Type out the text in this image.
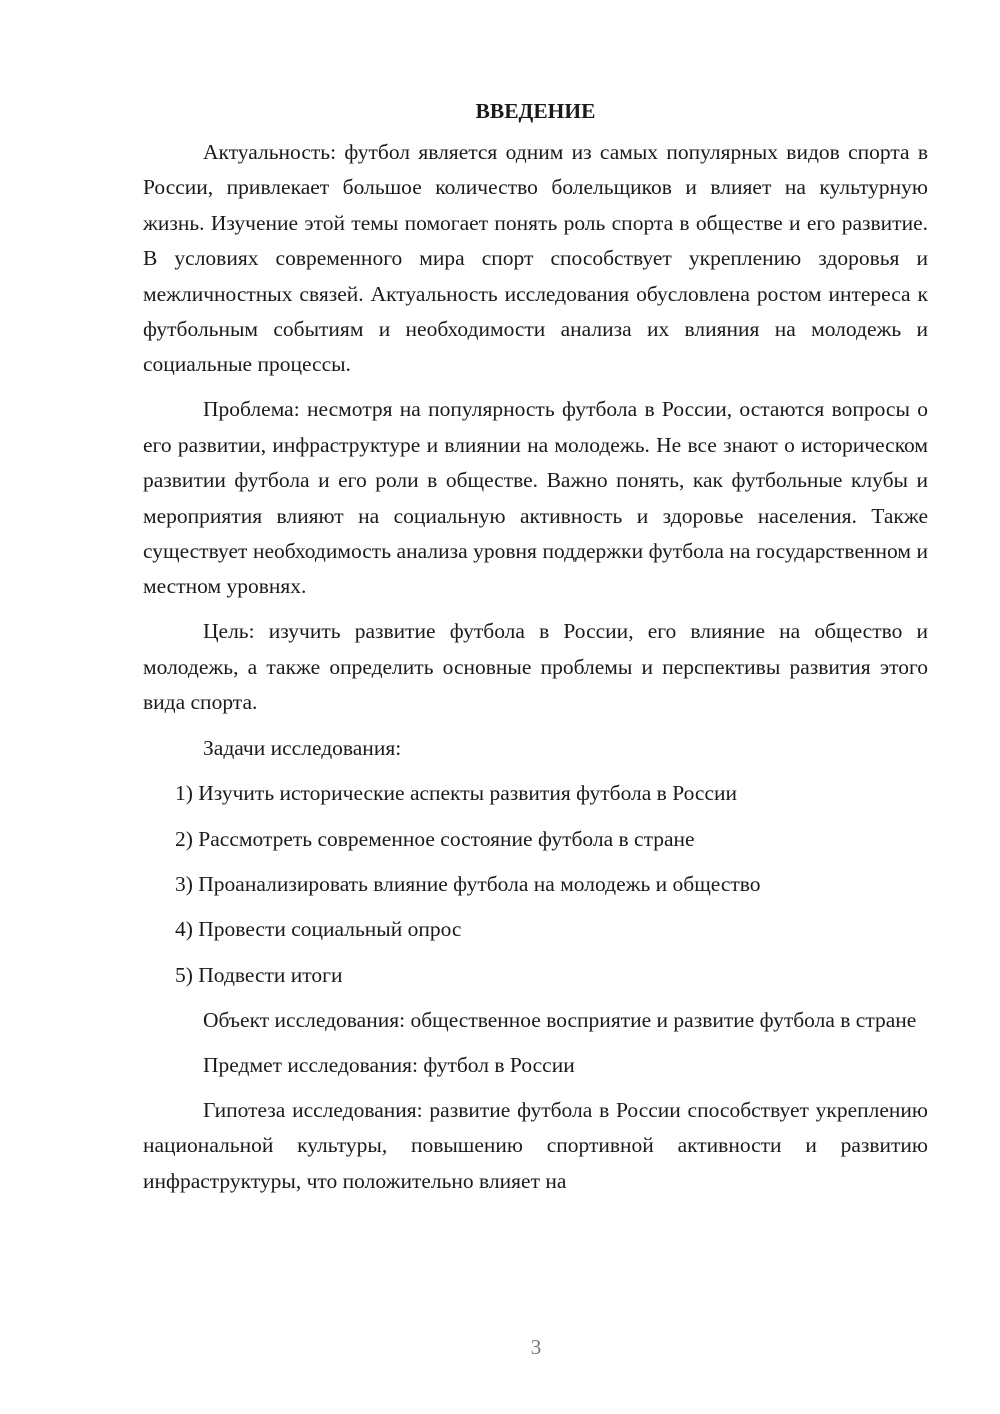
ВВЕДЕНИЕ

Актуальность: футбол является одним из самых популярных видов спорта в России, привлекает большое количество болельщиков и влияет на культурную жизнь. Изучение этой темы помогает понять роль спорта в обществе и его развитие. В условиях современного мира спорт способствует укреплению здоровья и межличностных связей. Актуальность исследования обусловлена ростом интереса к футбольным событиям и необходимости анализа их влияния на молодежь и социальные процессы.

Проблема: несмотря на популярность футбола в России, остаются вопросы о его развитии, инфраструктуре и влиянии на молодежь. Не все знают о историческом развитии футбола и его роли в обществе. Важно понять, как футбольные клубы и мероприятия влияют на социальную активность и здоровье населения. Также существует необходимость анализа уровня поддержки футбола на государственном и местном уровнях.

Цель: изучить развитие футбола в России, его влияние на общество и молодежь, а также определить основные проблемы и перспективы развития этого вида спорта.

Задачи исследования:

1) Изучить исторические аспекты развития футбола в России
2) Рассмотреть современное состояние футбола в стране
3) Проанализировать влияние футбола на молодежь и общество
4) Провести социальный опрос
5) Подвести итоги

Объект исследования: общественное восприятие и развитие футбола в стране

Предмет исследования: футбол в России

Гипотеза исследования: развитие футбола в России способствует укреплению национальной культуры, повышению спортивной активности и развитию инфраструктуры, что положительно влияет на

3
